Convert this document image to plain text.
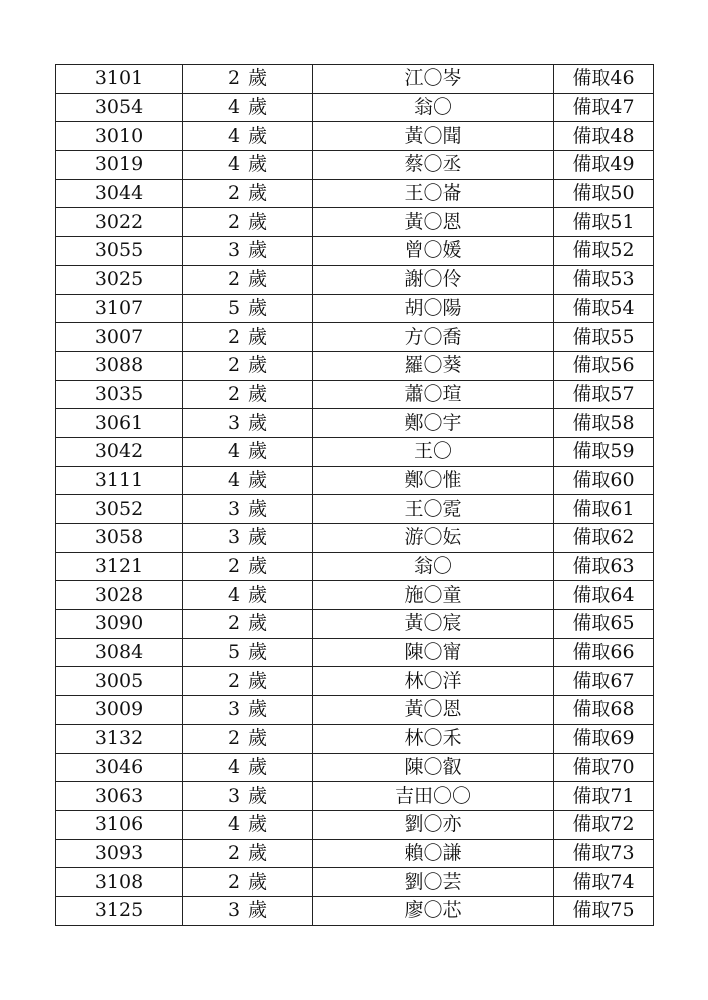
3101	2 歲	江〇岑	備取46
3054	4 歲	翁〇	備取47
3010	4 歲	黃〇聞	備取48
3019	4 歲	蔡〇丞	備取49
3044	2 歲	王〇崙	備取50
3022	2 歲	黃〇恩	備取51
3055	3 歲	曾〇媛	備取52
3025	2 歲	謝〇伶	備取53
3107	5 歲	胡〇陽	備取54
3007	2 歲	方〇喬	備取55
3088	2 歲	羅〇葵	備取56
3035	2 歲	蕭〇瑄	備取57
3061	3 歲	鄭〇宇	備取58
3042	4 歲	王〇	備取59
3111	4 歲	鄭〇惟	備取60
3052	3 歲	王〇霓	備取61
3058	3 歲	游〇妘	備取62
3121	2 歲	翁〇	備取63
3028	4 歲	施〇童	備取64
3090	2 歲	黃〇宸	備取65
3084	5 歲	陳〇甯	備取66
3005	2 歲	林〇洋	備取67
3009	3 歲	黃〇恩	備取68
3132	2 歲	林〇禾	備取69
3046	4 歲	陳〇叡	備取70
3063	3 歲	吉田〇〇	備取71
3106	4 歲	劉〇亦	備取72
3093	2 歲	賴〇謙	備取73
3108	2 歲	劉〇芸	備取74
3125	3 歲	廖〇芯	備取75
